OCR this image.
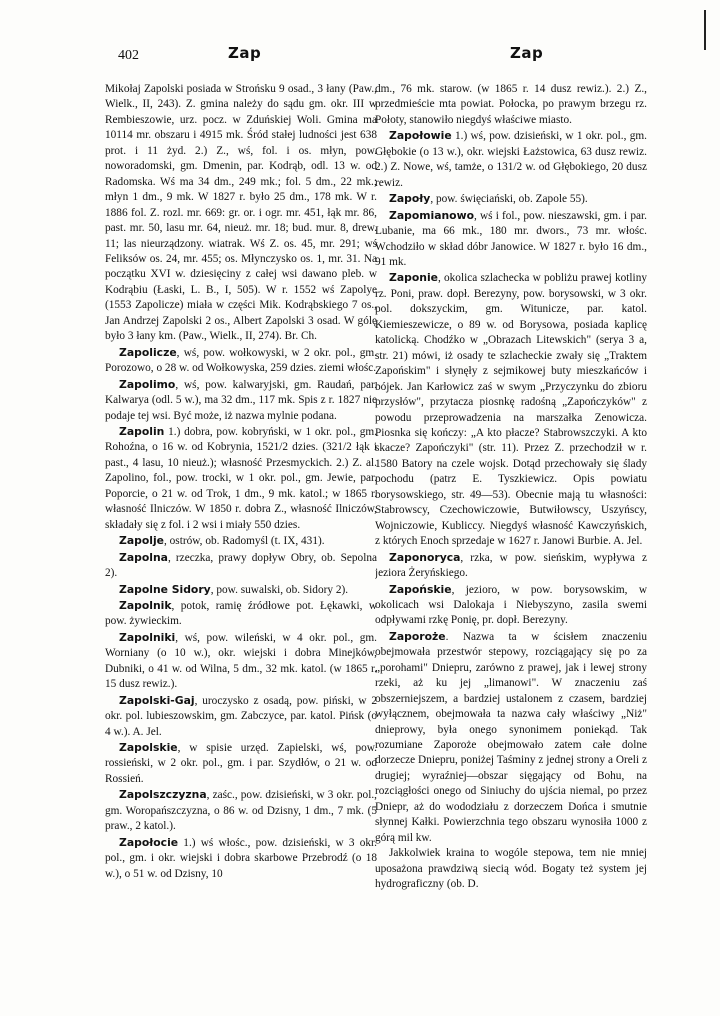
402	Zap	Zap

Mikołaj Zapolski posiada w Strońsku 9 osad., 3 łany (Paw., Wielk., II, 243). Z. gmina należy do sądu gm. okr. III w Rembieszowie, urz. pocz. w Zduńskiej Woli. Gmina ma 10114 mr. obszaru i 4915 mk. Śród stałej ludności jest 638 prot. i 11 żyd. 2.) Z., wś, fol. i os. młyn, pow. noworadomski, gm. Dmenin, par. Kodrąb, odl. 13 w. od Radomska. Wś ma 34 dm., 249 mk.; fol. 5 dm., 22 mk.; młyn 1 dm., 9 mk. W 1827 r. było 25 dm., 178 mk. W r. 1886 fol. Z. rozl. mr. 669: gr. or. i ogr. mr. 451, łąk mr. 86, past. mr. 50, lasu mr. 64, nieuż. mr. 18; bud. mur. 8, drew. 11; las nieurządzony. wiatrak. Wś Z. os. 45, mr. 291; wś Feliksów os. 24, mr. 455; os. Młynczysko os. 1, mr. 31. Na początku XVI w. dziesięciny z całej wsi dawano pleb. w Kodrąbiu (Łaski, L. B., I, 505). W r. 1552 wś Zapolye (1553 Zapolicze) miała w części Mik. Kodrąbskiego 7 os., Jan Andrzej Zapolski 2 os., Albert Zapolski 3 osad. W gólę było 3 łany km. (Paw., Wielk., II, 274). Br. Ch.

Zapolicze, wś, pow. wołkowyski, w 2 okr. pol., gm. Porozowo, o 28 w. od Wołkowyska, 259 dzies. ziemi włośc.

Zapolimo, wś, pow. kalwaryjski, gm. Raudań, par. Kalwarya (odl. 5 w.), ma 32 dm., 117 mk. Spis z r. 1827 nie podaje tej wsi. Być może, iż nazwa mylnie podana.

Zapolin 1.) dobra, pow. kobryński, w 1 okr. pol., gm. Rohoźna, o 16 w. od Kobrynia, 1521/2 dzies. (321/2 łąk i past., 4 lasu, 10 nieuż.); własność Przesmyckich. 2.) Z. al. Zapolino, fol., pow. trocki, w 1 okr. pol., gm. Jewie, par. Poporcie, o 21 w. od Trok, 1 dm., 9 mk. katol.; w 1865 r. własność Ilniczów. W 1850 r. dobra Z., własność Ilniczów, składały się z fol. i 2 wsi i miały 550 dzies.

Zapolje, ostrów, ob. Radomyśl (t. IX, 431).

Zapolna, rzeczka, prawy dopływ Obry, ob. Sepolna 2).

Zapolne Sidory, pow. suwalski, ob. Sidory 2).

Zapolnik, potok, ramię źródłowe pot. Łękawki, w pow. żywieckim.

Zapolniki, wś, pow. wileński, w 4 okr. pol., gm. Worniany (o 10 w.), okr. wiejski i dobra Minejków, Dubniki, o 41 w. od Wilna, 5 dm., 32 mk. katol. (w 1865 r. 15 dusz rewiz.).

Zapolski-Gaj, uroczysko z osadą, pow. piński, w 2 okr. pol. lubieszowskim, gm. Zabczyce, par. katol. Pińsk (o 4 w.). A. Jel.

Zapolskie, w spisie urzęd. Zapielski, wś, pow. rossieński, w 2 okr. pol., gm. i par. Szydłów, o 21 w. od Rossień.

Zapolszczyzna, zaśc., pow. dzisieński, w 3 okr. pol., gm. Woropańszczyzna, o 86 w. od Dzisny, 1 dm., 7 mk. (5 praw., 2 katol.).

Zapołocie 1.) wś włośc., pow. dzisieński, w 3 okr. pol., gm. i okr. wiejski i dobra skarbowe Przebrodź (o 18 w.), o 51 w. od Dzisny, 10

dm., 76 mk. starow. (w 1865 r. 14 dusz rewiz.). 2.) Z., przedmieście mta powiat. Połocka, po prawym brzegu rz. Połoty, stanowiło niegdyś właściwe miasto.

Zapołowie 1.) wś, pow. dzisieński, w 1 okr. pol., gm. Głębokie (o 13 w.), okr. wiejski Łażstowica, 63 dusz rewiz. 2.) Z. Nowe, wś, tamże, o 131/2 w. od Głębokiego, 20 dusz rewiz.

Zapoły, pow. święciański, ob. Zapole 55).

Zapomianowo, wś i fol., pow. nieszawski, gm. i par. Lubanie, ma 66 mk., 180 mr. dwors., 73 mr. włośc. Wchodziło w skład dóbr Janowice. W 1827 r. było 16 dm., 91 mk.

Zaponie, okolica szlachecka w pobliżu prawej kotliny rz. Poni, praw. dopł. Berezyny, pow. borysowski, w 3 okr. pol. dokszyckim, gm. Witunicze, par. katol. Kiemieszewicze, o 89 w. od Borysowa, posiada kaplicę katolicką. Chodźko w „Obrazach Litewskich" (serya 3 a, str. 21) mówi, iż osady te szlacheckie zwały się „Traktem Zapońskim" i słynęły z sejmikowej buty mieszkańców i bójek. Jan Karłowicz zaś w swym „Przyczynku do zbioru przysłów", przytacza piosnkę radośną „Zapończyków" z powodu przeprowadzenia na marszałka Zenowicza. Piosnka się kończy: „A kto płacze? Stabrowszczyki. A kto skacze? Zapończyki" (str. 11). Przez Z. przechodził w r. 1580 Batory na czele wojsk. Dotąd przechowały się ślady pochodu (patrz E. Tyszkiewicz. Opis powiatu borysowskiego, str. 49—53). Obecnie mają tu własności: Stabrowscy, Czechowiczowie, Butwiłowscy, Uszyńscy, Wojniczowie, Kubliccy. Niegdyś własność Kawczyńskich, z których Enoch sprzedaje w 1627 r. Janowi Burbie. A. Jel.

Zaponoryca, rzka, w pow. sieńskim, wypływa z jeziora Żeryńskiego.

Zapońskie, jezioro, w pow. borysowskim, w okolicach wsi Dalokaja i Niebyszyno, zasila swemi odpływami rzkę Ponię, pr. dopł. Berezyny.

Zaporoże. Nazwa ta w ścisłem znaczeniu obejmowała przestwór stepowy, rozciągający się po za „porohami" Dniepru, zarówno z prawej, jak i lewej strony rzeki, aż ku jej „limanowi". W znaczeniu zaś obszerniejszem, a bardziej ustalonem z czasem, bardziej wyłącznem, obejmowała ta nazwa cały właściwy „Niż" dnieprowy, była onego synonimem poniekąd. Tak rozumiane Zaporoże obejmowało zatem całe dolne dorzecze Dniepru, poniżej Taśminy z jednej strony a Oreli z drugiej; wyraźniej—obszar sięgający od Bohu, na rozciągłości onego od Siniuchy do ujścia niemal, po przez Dniepr, aż do wododziału z dorzeczem Dońca i smutnie słynnej Kałki. Powierzchnia tego obszaru wynosiła 1000 z górą mil kw.

Jakkolwiek kraina to wogóle stepowa, tem nie mniej uposażona prawdziwą siecią wód. Bogaty też system jej hydrograficzny (ob. D.
